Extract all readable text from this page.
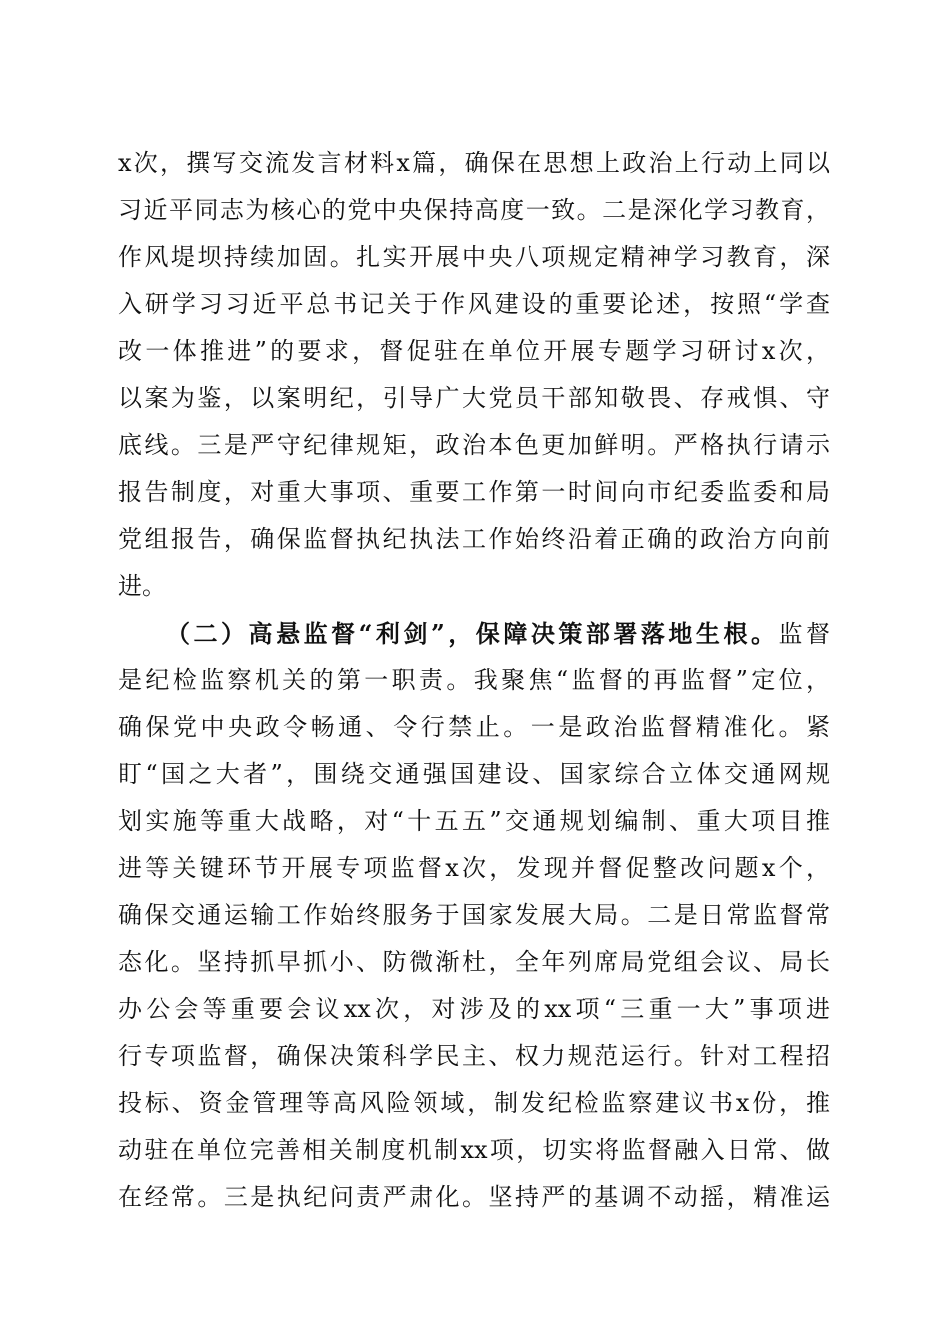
x次，撰写交流发言材料x篇，确保在思想上政治上行动上同以
习近平同志为核心的党中央保持高度一致。二是深化学习教育，
作风堤坝持续加固。扎实开展中央八项规定精神学习教育，深
入研学习习近平总书记关于作风建设的重要论述，按照“学查
改一体推进”的要求，督促驻在单位开展专题学习研讨x次，
以案为鉴，以案明纪，引导广大党员干部知敬畏、存戒惧、守
底线。三是严守纪律规矩，政治本色更加鲜明。严格执行请示
报告制度，对重大事项、重要工作第一时间向市纪委监委和局
党组报告，确保监督执纪执法工作始终沿着正确的政治方向前
进。
（二）高悬监督“利剑”，保障决策部署落地生根。监督
是纪检监察机关的第一职责。我聚焦“监督的再监督”定位，
确保党中央政令畅通、令行禁止。一是政治监督精准化。紧
盯“国之大者”，围绕交通强国建设、国家综合立体交通网规
划实施等重大战略，对“十五五”交通规划编制、重大项目推
进等关键环节开展专项监督x次，发现并督促整改问题x个，
确保交通运输工作始终服务于国家发展大局。二是日常监督常
态化。坚持抓早抓小、防微渐杜，全年列席局党组会议、局长
办公会等重要会议xx次，对涉及的xx项“三重一大”事项进
行专项监督，确保决策科学民主、权力规范运行。针对工程招
投标、资金管理等高风险领域，制发纪检监察建议书x份，推
动驻在单位完善相关制度机制xx项，切实将监督融入日常、做
在经常。三是执纪问责严肃化。坚持严的基调不动摇，精准运
